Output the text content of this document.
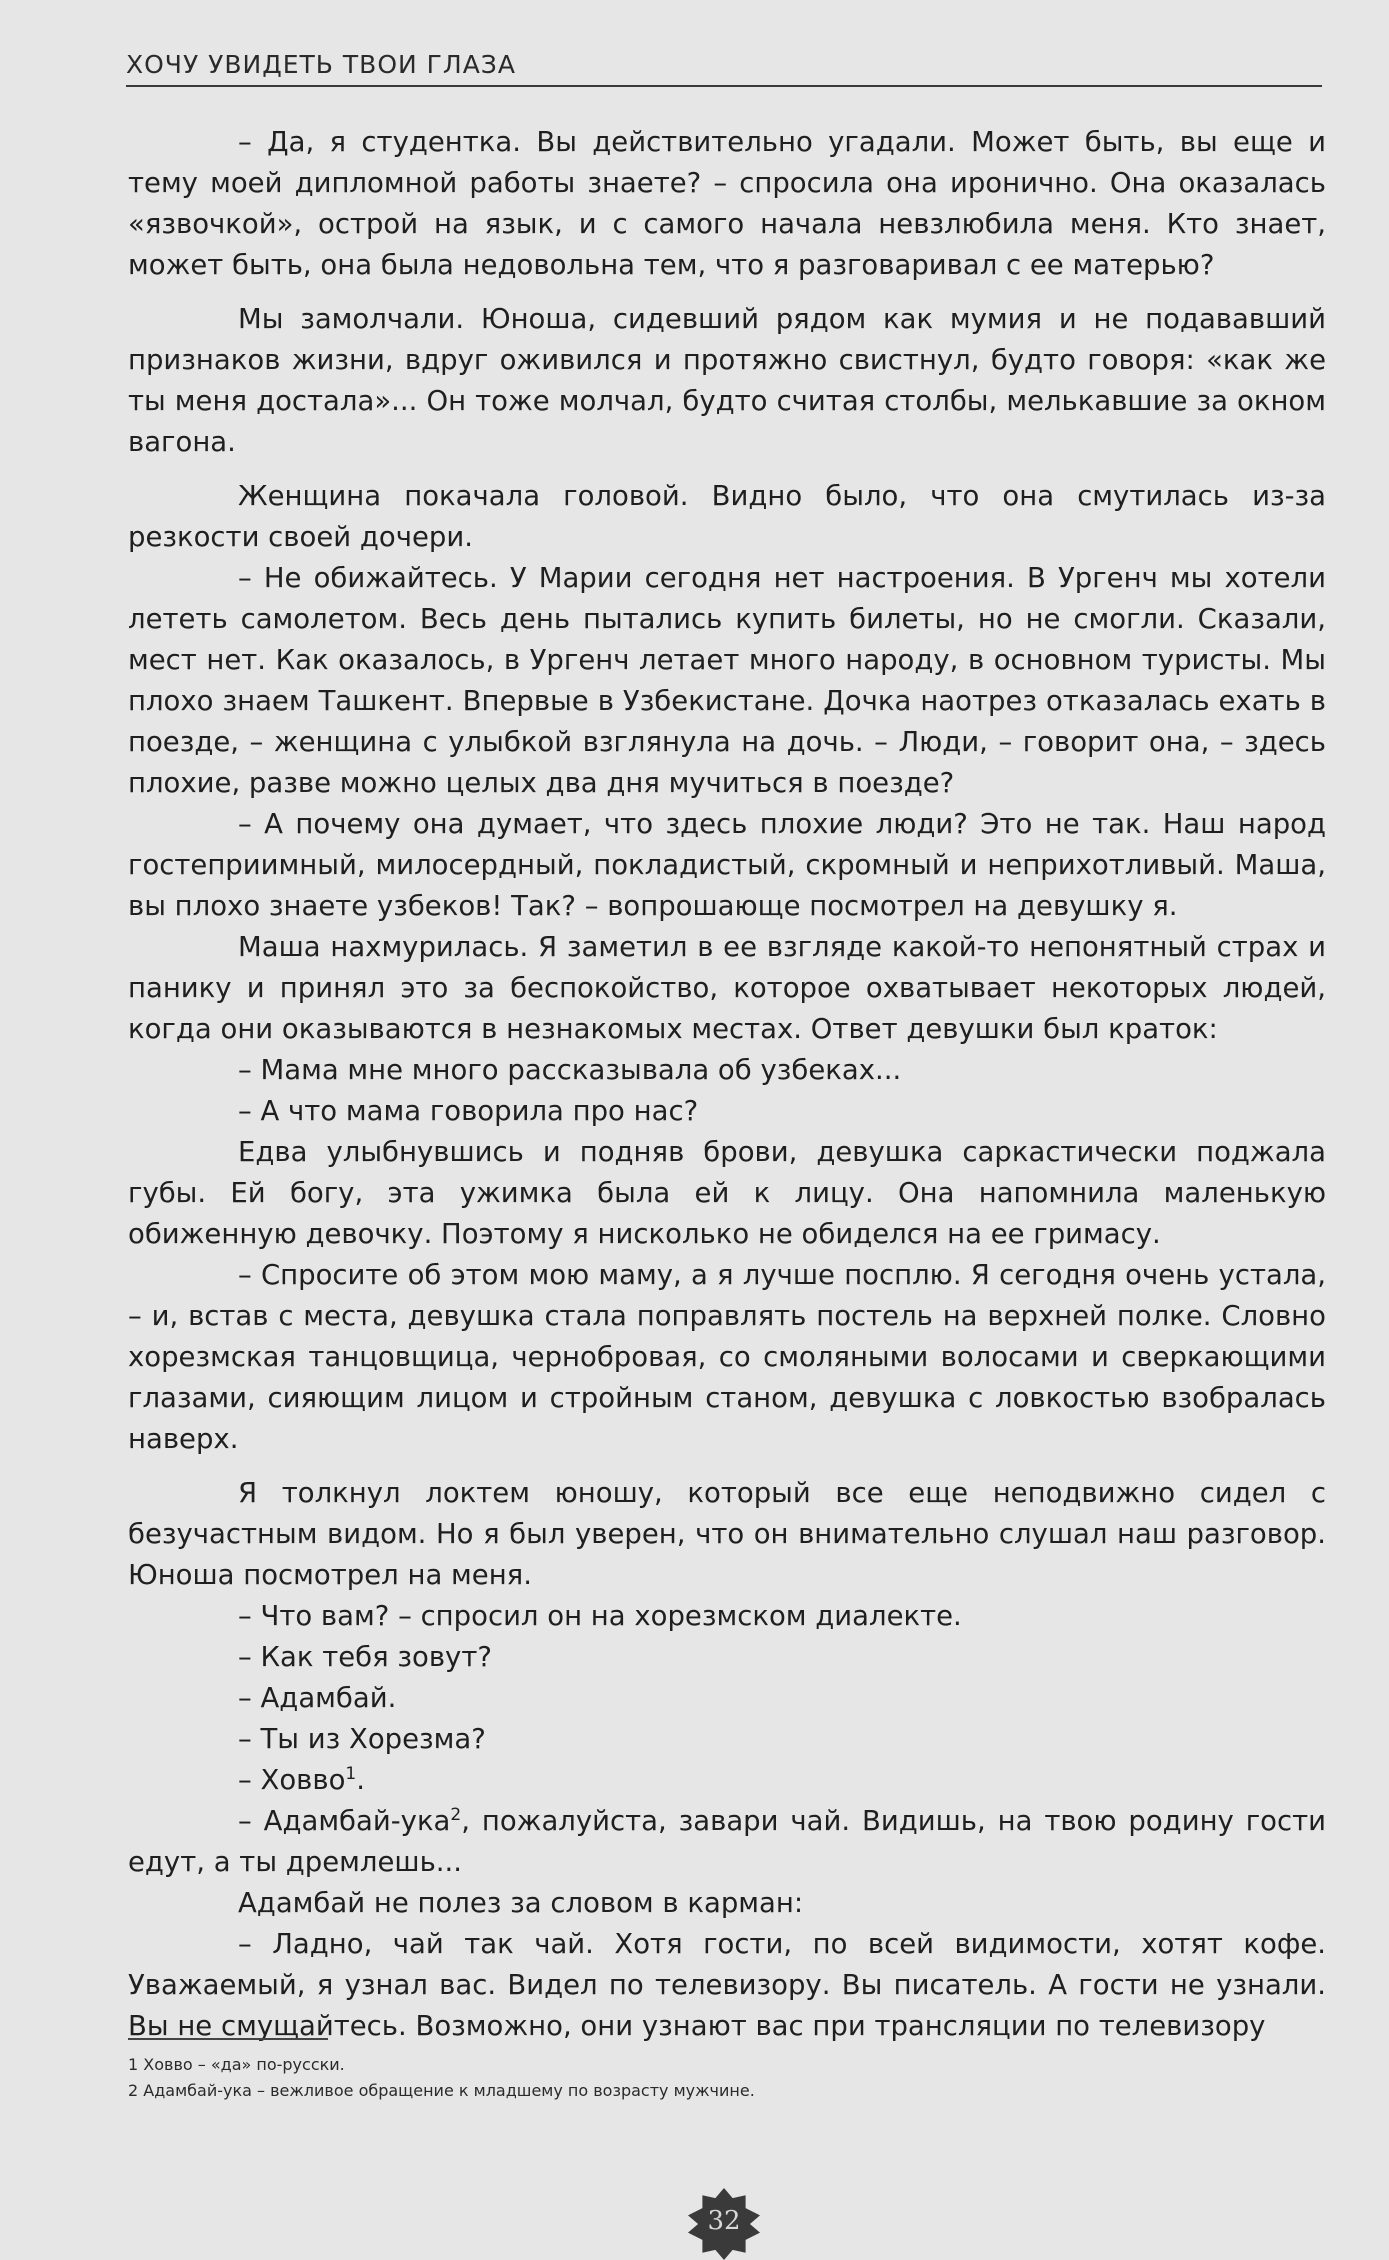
ХОЧУ УВИДЕТЬ ТВОИ ГЛАЗА

– Да, я студентка. Вы действительно угадали. Может быть, вы еще и тему моей дипломной работы знаете? – спросила она иронично. Она оказалась «язвочкой», острой на язык, и с самого начала невзлюбила меня. Кто знает, может быть, она была недовольна тем, что я разговаривал с ее матерью?

Мы замолчали. Юноша, сидевший рядом как мумия и не подававший признаков жизни, вдруг оживился и протяжно свистнул, будто говоря: «как же ты меня достала»... Он тоже молчал, будто считая столбы, мелькавшие за окном вагона.

Женщина покачала головой. Видно было, что она смутилась из-за резкости своей дочери.

– Не обижайтесь. У Марии сегодня нет настроения. В Ургенч мы хотели лететь самолетом. Весь день пытались купить билеты, но не смогли. Сказали, мест нет. Как оказалось, в Ургенч летает много народу, в основном туристы. Мы плохо знаем Ташкент. Впервые в Узбекистане. Дочка наотрез отказалась ехать в поезде, – женщина с улыбкой взглянула на дочь. – Люди, – говорит она, – здесь плохие, разве можно целых два дня мучиться в поезде?

– А почему она думает, что здесь плохие люди? Это не так. Наш народ гостеприимный, милосердный, покладистый, скромный и неприхотливый. Маша, вы плохо знаете узбеков! Так? – вопрошающе посмотрел на девушку я.

Маша нахмурилась. Я заметил в ее взгляде какой-то непонятный страх и панику и принял это за беспокойство, которое охватывает некоторых людей, когда они оказываются в незнакомых местах. Ответ девушки был краток:

– Мама мне много рассказывала об узбеках...

– А что мама говорила про нас?

Едва улыбнувшись и подняв брови, девушка саркастически поджала губы. Ей богу, эта ужимка была ей к лицу. Она напомнила маленькую обиженную девочку. Поэтому я нисколько не обиделся на ее гримасу.

– Спросите об этом мою маму, а я лучше посплю. Я сегодня очень устала, – и, встав с места, девушка стала поправлять постель на верхней полке. Словно хорезмская танцовщица, чернобровая, со смоляными волосами и сверкающими глазами, сияющим лицом и стройным станом, девушка с ловкостью взобралась наверх.

Я толкнул локтем юношу, который все еще неподвижно сидел с безучастным видом. Но я был уверен, что он внимательно слушал наш разговор. Юноша посмотрел на меня.

– Что вам? – спросил он на хорезмском диалекте.

– Как тебя зовут?

– Адамбай.

– Ты из Хорезма?

– Ховво$^1$.

– Адамбай-ука$^2$, пожалуйста, завари чай. Видишь, на твою родину гости едут, а ты дремлешь...

Адамбай не полез за словом в карман:

– Ладно, чай так чай. Хотя гости, по всей видимости, хотят кофе. Уважаемый, я узнал вас. Видел по телевизору. Вы писатель. А гости не узнали. Вы не смущайтесь. Возможно, они узнают вас при трансляции по телевизору

1 Ховво – «да» по-русски.
2 Адамбай-ука – вежливое обращение к младшему по возрасту мужчине.
32
